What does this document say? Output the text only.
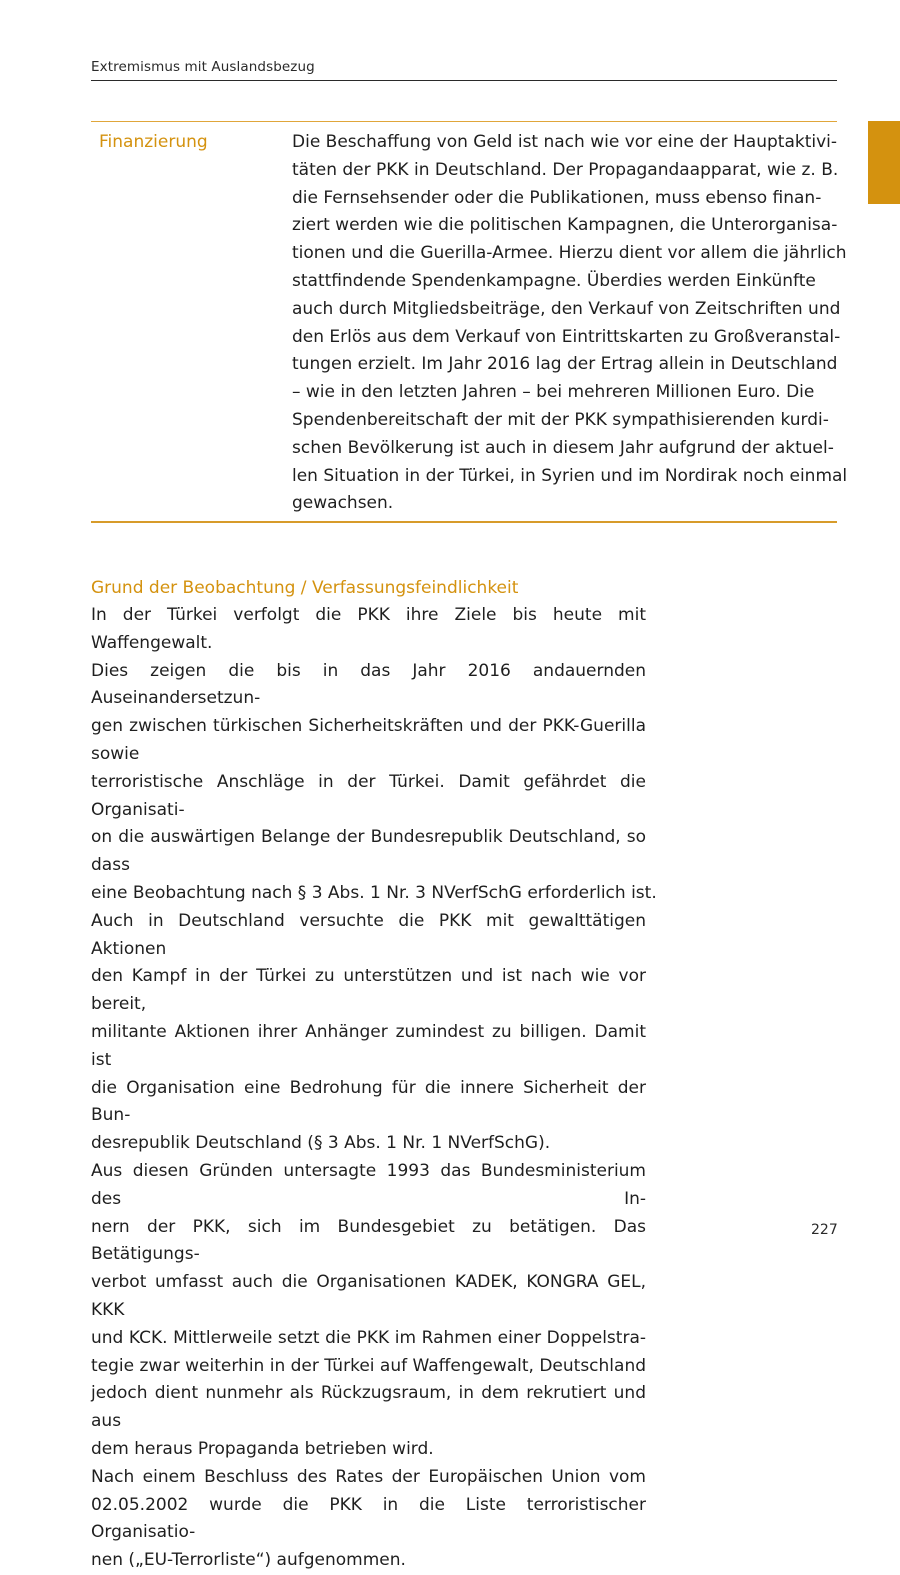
Extremismus mit Auslandsbezug
Finanzierung	Die Beschaffung von Geld ist nach wie vor eine der Hauptaktivi-
täten der PKK in Deutschland. Der Propagandaapparat, wie z. B.
die Fernsehsender oder die Publikationen, muss ebenso finan-
ziert werden wie die politischen Kampagnen, die Unterorganisa-
tionen und die Guerilla-Armee. Hierzu dient vor allem die jährlich
stattfindende Spendenkampagne. Überdies werden Einkünfte
auch durch Mitgliedsbeiträge, den Verkauf von Zeitschriften und
den Erlös aus dem Verkauf von Eintrittskarten zu Großveranstal-
tungen erzielt. Im Jahr 2016 lag der Ertrag allein in Deutschland
– wie in den letzten Jahren – bei mehreren Millionen Euro. Die
Spendenbereitschaft der mit der PKK sympathisierenden kurdi-
schen Bevölkerung ist auch in diesem Jahr aufgrund der aktuel-
len Situation in der Türkei, in Syrien und im Nordirak noch einmal
gewachsen.
Grund der Beobachtung / Verfassungsfeindlichkeit
In der Türkei verfolgt die PKK ihre Ziele bis heute mit Waffengewalt.
Dies zeigen die bis in das Jahr 2016 andauernden Auseinandersetzun-
gen zwischen türkischen Sicherheitskräften und der PKK-Guerilla sowie
terroristische Anschläge in der Türkei. Damit gefährdet die Organisati-
on die auswärtigen Belange der Bundesrepublik Deutschland, so dass
eine Beobachtung nach § 3 Abs. 1 Nr. 3 NVerfSchG erforderlich ist.
Auch in Deutschland versuchte die PKK mit gewalttätigen Aktionen
den Kampf in der Türkei zu unterstützen und ist nach wie vor bereit,
militante Aktionen ihrer Anhänger zumindest zu billigen. Damit ist
die Organisation eine Bedrohung für die innere Sicherheit der Bun-
desrepublik Deutschland (§ 3 Abs. 1 Nr. 1 NVerfSchG).
Aus diesen Gründen untersagte 1993 das Bundesministerium des In-
nern der PKK, sich im Bundesgebiet zu betätigen. Das Betätigungs-
verbot umfasst auch die Organisationen KADEK, KONGRA GEL, KKK
und KCK. Mittlerweile setzt die PKK im Rahmen einer Doppelstra-
tegie zwar weiterhin in der Türkei auf Waffengewalt, Deutschland
jedoch dient nunmehr als Rückzugsraum, in dem rekrutiert und aus
dem heraus Propaganda betrieben wird.
Nach einem Beschluss des Rates der Europäischen Union vom
02.05.2002 wurde die PKK in die Liste terroristischer Organisatio-
nen („EU-Terrorliste“) aufgenommen.
227
